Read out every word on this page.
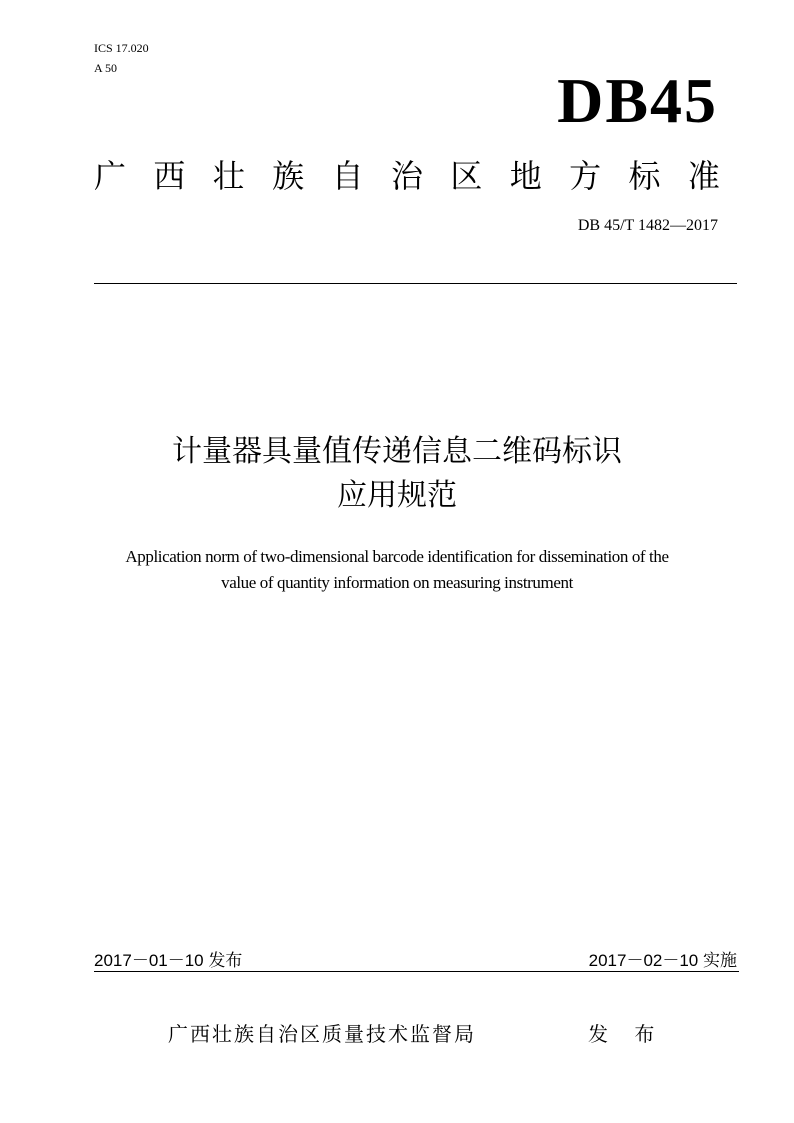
ICS 17.020
A 50	DB45
广 西 壮 族 自 治 区 地 方 标 准
DB 45/T 1482—2017
计量器具量值传递信息二维码标识
应用规范
Application norm of two-dimensional barcode identification for dissemination of the
value of quantity information on measuring instrument
2017－01－10 发布	2017－02－10 实施
广西壮族自治区质量技术监督局	发 布
